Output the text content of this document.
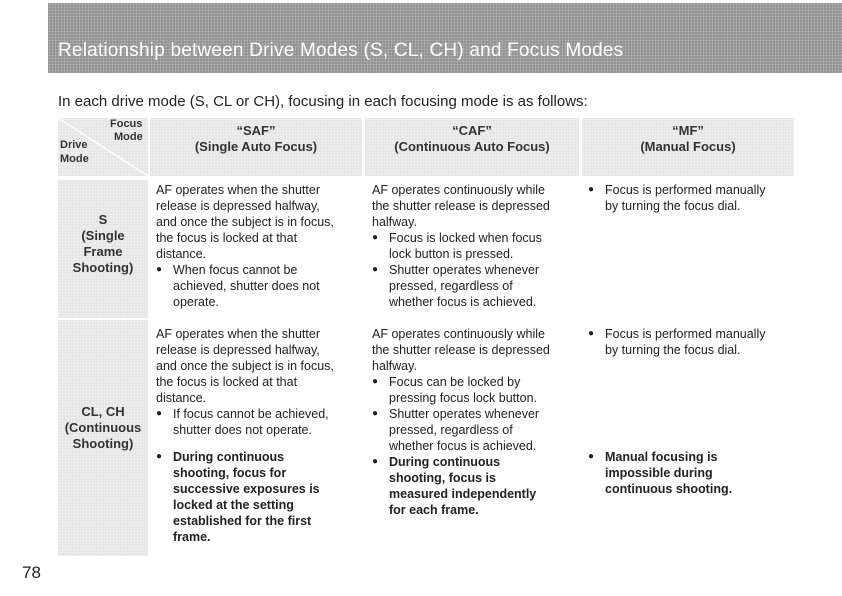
Relationship between Drive Modes (S, CL, CH) and Focus Modes
In each drive mode (S, CL or CH), focusing in each focusing mode is as follows:
Focus
Mode
Drive
Mode
“SAF”
(Single Auto Focus)
“CAF”
(Continuous Auto Focus)
“MF”
(Manual Focus)
S
(Single
Frame
Shooting)
CL, CH
(Continuous
Shooting)

AF operates when the shutter

release is depressed halfway,

and once the subject is in focus,

the focus is locked at that

distance.

● When focus cannot be

achieved, shutter does not

operate.

AF operates continuously while

the shutter release is depressed

halfway.

● Focus is locked when focus

lock button is pressed.

● Shutter operates whenever

pressed, regardless of

whether focus is achieved.

● Focus is performed manually

by turning the focus dial.

AF operates when the shutter

release is depressed halfway,

and once the subject is in focus,

the focus is locked at that

distance.

● If focus cannot be achieved,

shutter does not operate.

● During continuous

shooting, focus for

successive exposures is

locked at the setting

established for the first

frame.

AF operates continuously while

the shutter release is depressed

halfway.

● Focus can be locked by

pressing focus lock button.

● Shutter operates whenever

pressed, regardless of

whether focus is achieved.

● During continuous

shooting, focus is

measured independently

for each frame.

● Focus is performed manually

by turning the focus dial.

● Manual focusing is

impossible during

continuous shooting.

78
